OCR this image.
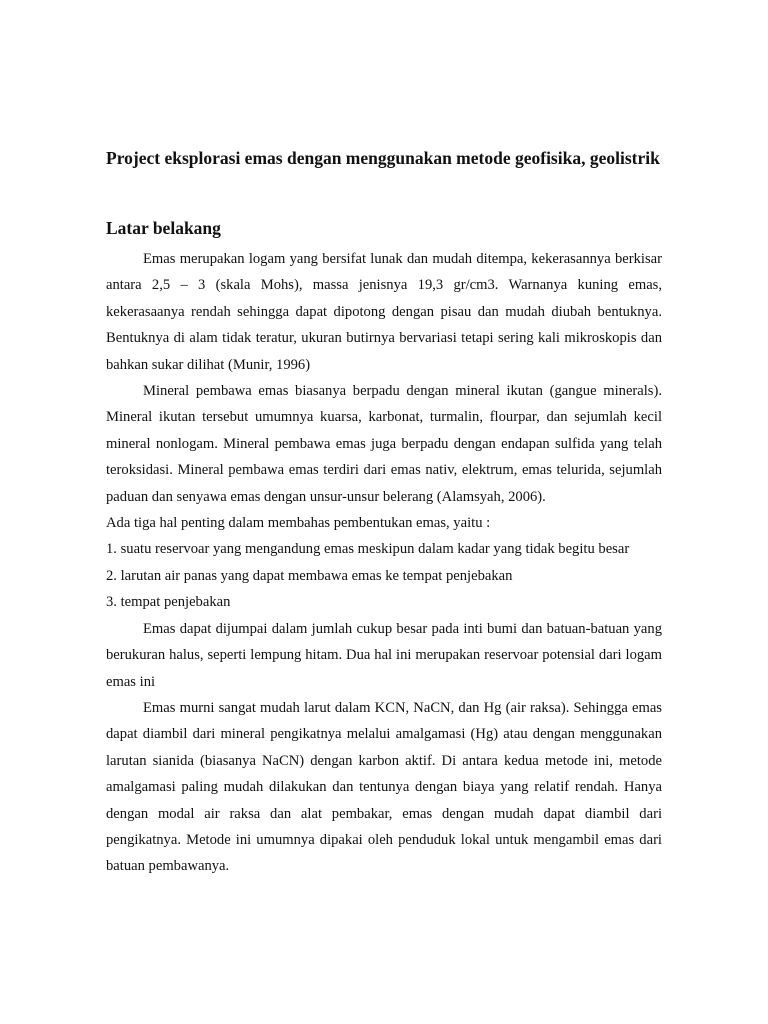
Project eksplorasi emas dengan menggunakan metode geofisika, geolistrik
Latar belakang

Emas merupakan logam yang bersifat lunak dan mudah ditempa, kekerasannya berkisar antara 2,5 – 3 (skala Mohs), massa jenisnya 19,3 gr/cm3. Warnanya kuning emas, kekerasaanya rendah sehingga dapat dipotong dengan pisau dan mudah diubah bentuknya. Bentuknya di alam tidak teratur, ukuran butirnya bervariasi tetapi sering kali mikroskopis dan bahkan sukar dilihat (Munir, 1996)

Mineral pembawa emas biasanya berpadu dengan mineral ikutan (gangue minerals). Mineral ikutan tersebut umumnya kuarsa, karbonat, turmalin, flourpar, dan sejumlah kecil mineral nonlogam. Mineral pembawa emas juga berpadu dengan endapan sulfida yang telah teroksidasi. Mineral pembawa emas terdiri dari emas nativ, elektrum, emas telurida, sejumlah paduan dan senyawa emas dengan unsur-unsur belerang (Alamsyah, 2006).

Ada tiga hal penting dalam membahas pembentukan emas, yaitu :

1. suatu reservoar yang mengandung emas meskipun dalam kadar yang tidak begitu besar

2. larutan air panas yang dapat membawa emas ke tempat penjebakan

3. tempat penjebakan

Emas dapat dijumpai dalam jumlah cukup besar pada inti bumi dan batuan-batuan yang berukuran halus, seperti lempung hitam. Dua hal ini merupakan reservoar potensial dari logam emas ini

Emas murni sangat mudah larut dalam KCN, NaCN, dan Hg (air raksa). Sehingga emas dapat diambil dari mineral pengikatnya melalui amalgamasi (Hg) atau dengan menggunakan larutan sianida (biasanya NaCN) dengan karbon aktif. Di antara kedua metode ini, metode amalgamasi paling mudah dilakukan dan tentunya dengan biaya yang relatif rendah. Hanya dengan modal air raksa dan alat pembakar, emas dengan mudah dapat diambil dari pengikatnya. Metode ini umumnya dipakai oleh penduduk lokal untuk mengambil emas dari batuan pembawanya.
